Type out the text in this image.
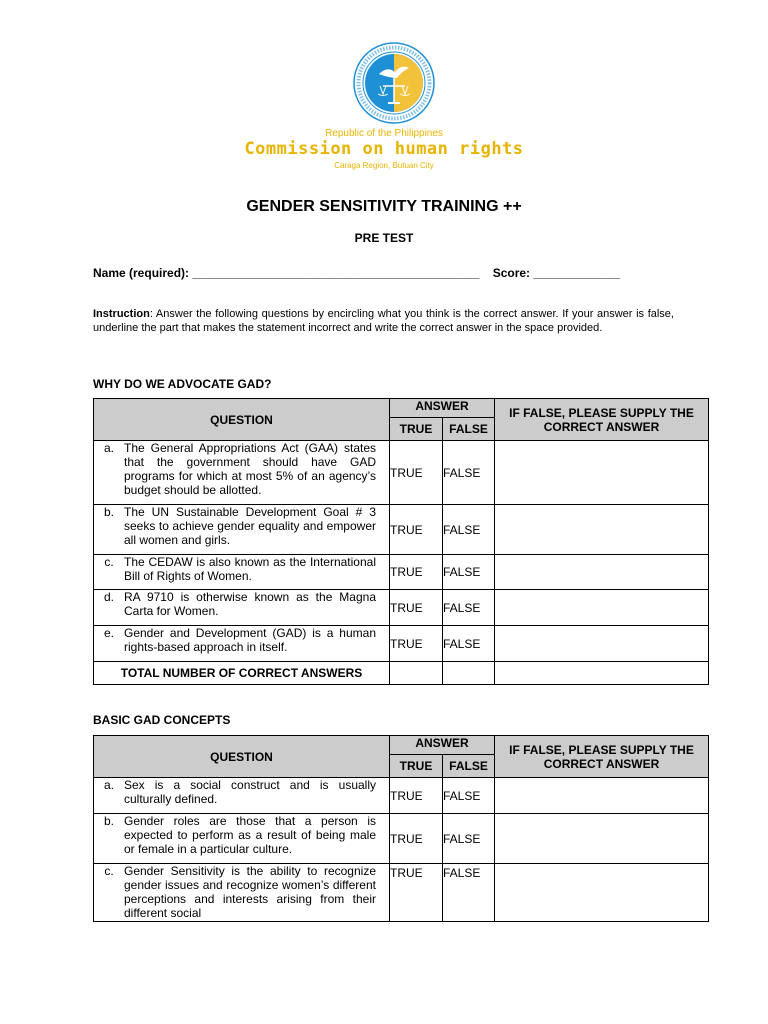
Republic of the Philippines
Commission on human rights
Caraga Region, Butuan City
GENDER SENSITIVITY TRAINING ++
PRE TEST
Name (required): ___________________________________________ Score: _____________
Instruction: Answer the following questions by encircling what you think is the correct answer. If your answer is false, underline the part that makes the statement incorrect and write the correct answer in the space provided.
WHY DO WE ADVOCATE GAD?
QUESTION	ANSWER		IF FALSE, PLEASE SUPPLY THE CORRECT ANSWER
	TRUE	FALSE	

a. The General Appropriations Act (GAA) states that the government should have GAD programs for which at most 5% of an agency’s budget should be allotted.	TRUE	FALSE	

b. The UN Sustainable Development Goal # 3 seeks to achieve gender equality and empower all women and girls.	TRUE	FALSE	

c. The CEDAW is also known as the International Bill of Rights of Women.	TRUE	FALSE	

d. RA 9710 is otherwise known as the Magna Carta for Women.	TRUE	FALSE	

e. Gender and Development (GAD) is a human rights-based approach in itself.	TRUE	FALSE	
TOTAL NUMBER OF CORRECT ANSWERS			
BASIC GAD CONCEPTS
QUESTION	ANSWER		IF FALSE, PLEASE SUPPLY THE CORRECT ANSWER
	TRUE	FALSE	

a. Sex is a social construct and is usually culturally defined.	TRUE	FALSE	

b. Gender roles are those that a person is expected to perform as a result of being male or female in a particular culture.	TRUE	FALSE	

c. Gender Sensitivity is the ability to recognize gender issues and recognize women’s different perceptions and interests arising from their different social	TRUE	FALSE	
